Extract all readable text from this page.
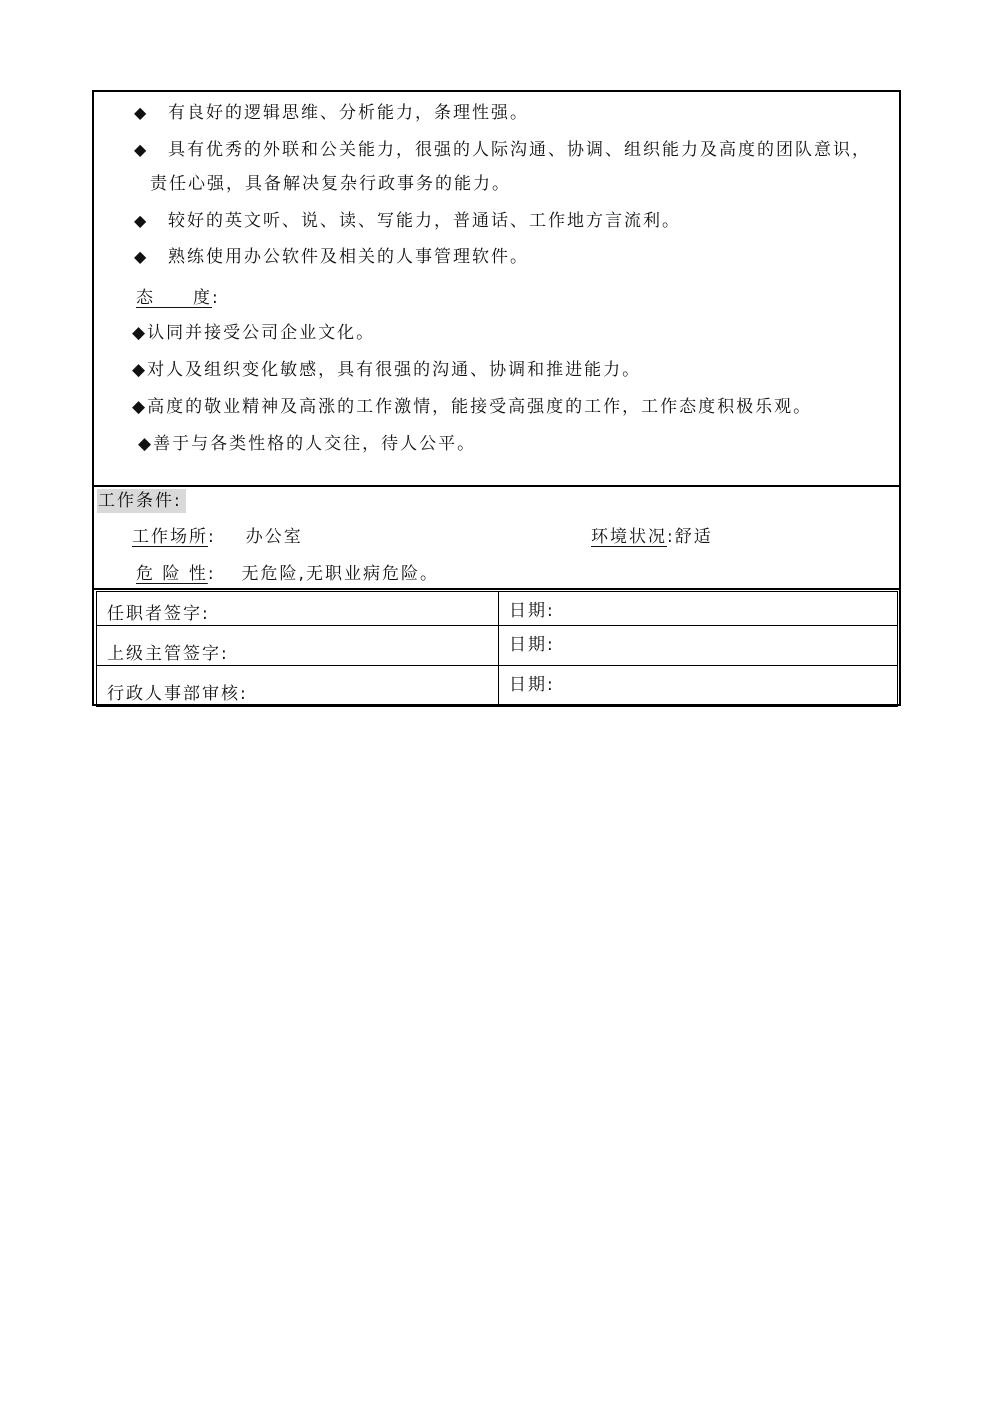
◆ 有良好的逻辑思维、分析能力，条理性强。
◆ 具有优秀的外联和公关能力，很强的人际沟通、协调、组织能力及高度的团队意识，
责任心强，具备解决复杂行政事务的能力。
◆ 较好的英文听、说、读、写能力，普通话、工作地方言流利。
◆ 熟练使用办公软件及相关的人事管理软件。
态　　度:
◆认同并接受公司企业文化。
◆对人及组织变化敏感，具有很强的沟通、协调和推进能力。
◆高度的敬业精神及高涨的工作激情，能接受高强度的工作，工作态度积极乐观。
◆善于与各类性格的人交往，待人公平。
工作条件:
工作场所: 办公室	环境状况:舒适
危 险 性: 无危险,无职业病危险。
任职者签字:	日期:
上级主管签字:	日期:
行政人事部审核:	日期:
